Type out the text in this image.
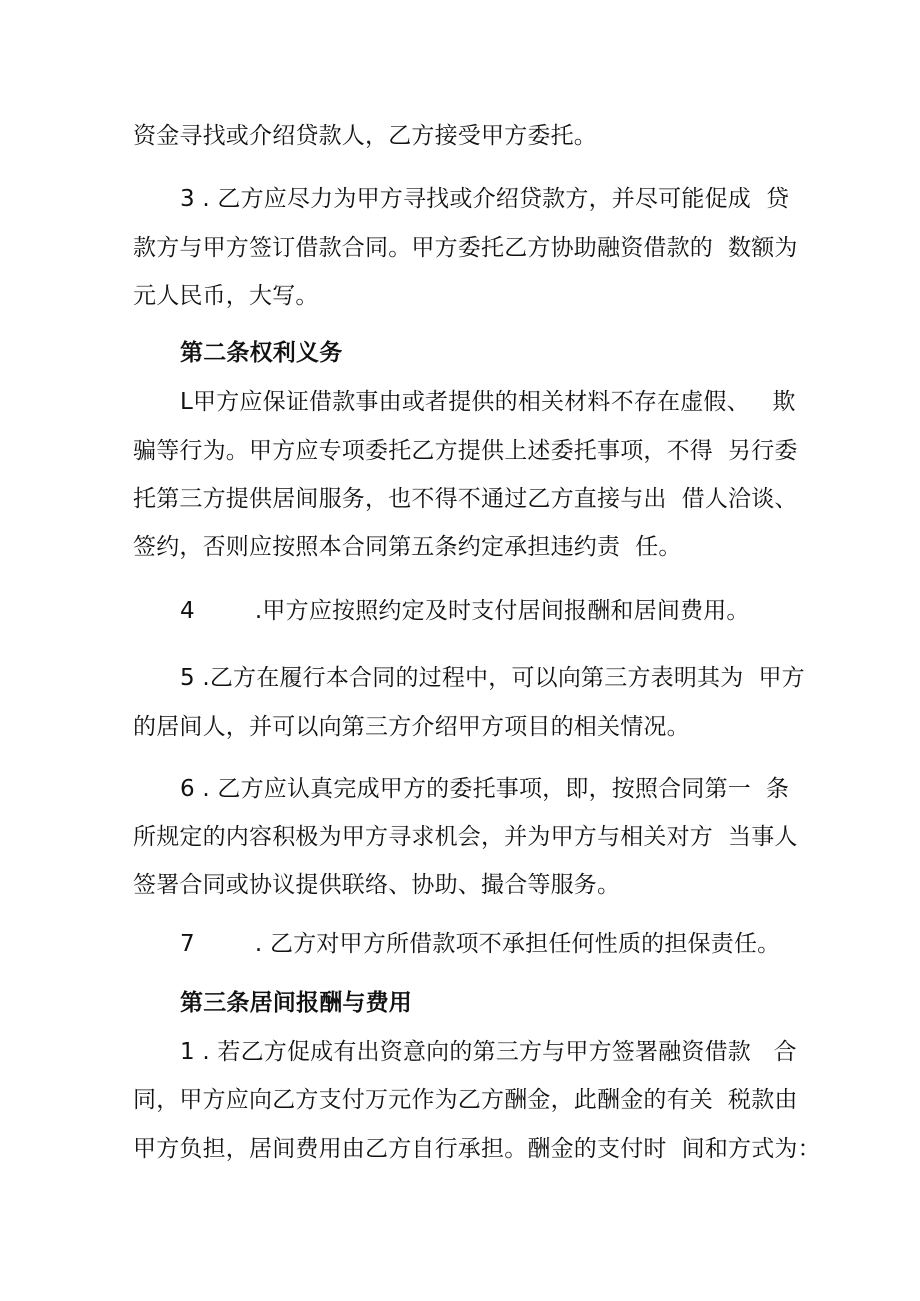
资金寻找或介绍贷款人，乙方接受甲方委托。
3 . 乙方应尽力为甲方寻找或介绍贷款方，并尽可能促成  贷
款方与甲方签订借款合同。甲方委托乙方协助融资借款的  数额为
元人民币，大写。
第二条权利义务
L甲方应保证借款事由或者提供的相关材料不存在虚假、   欺
骗等行为。甲方应专项委托乙方提供上述委托事项，不得  另行委
托第三方提供居间服务，也不得不通过乙方直接与出  借人洽谈、
签约，否则应按照本合同第五条约定承担违约责  任。
4        .甲方应按照约定及时支付居间报酬和居间费用。
5 .乙方在履行本合同的过程中，可以向第三方表明其为  甲方
的居间人，并可以向第三方介绍甲方项目的相关情况。
6 . 乙方应认真完成甲方的委托事项，即，按照合同第一  条
所规定的内容积极为甲方寻求机会，并为甲方与相关对方  当事人
签署合同或协议提供联络、协助、撮合等服务。
7        . 乙方对甲方所借款项不承担任何性质的担保责任。
第三条居间报酬与费用
1 . 若乙方促成有出资意向的第三方与甲方签署融资借款   合
同，甲方应向乙方支付万元作为乙方酬金，此酬金的有关  税款由
甲方负担，居间费用由乙方自行承担。酬金的支付时  间和方式为：
